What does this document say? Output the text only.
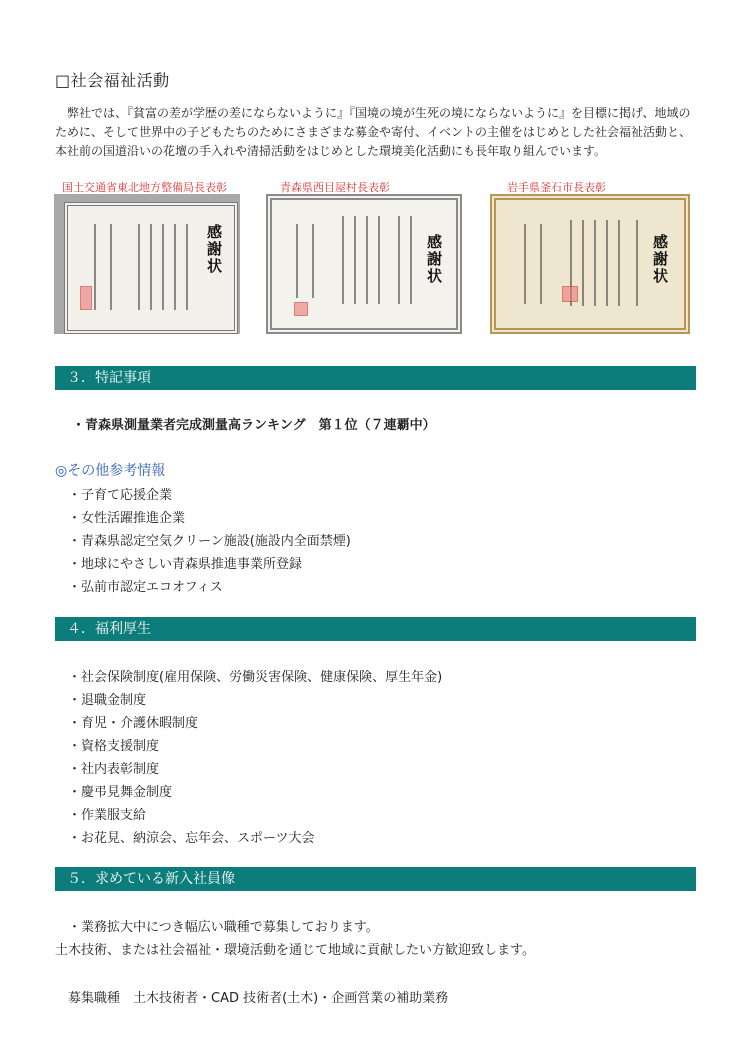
□社会福祉活動
弊社では、『貧富の差が学歴の差にならないように』『国境の境が生死の境にならないように』を目標に掲げ、地域のために、そして世界中の子どもたちのためにさまざまな募金や寄付、イベントの主催をはじめとした社会福祉活動と、本社前の国道沿いの花壇の手入れや清掃活動をはじめとした環境美化活動にも長年取り組んでいます。
国土交通省東北地方整備局長表彰	青森県西目屋村長表彰	岩手県釜石市長表彰
感謝状	感謝状	感謝状
３．特記事項
・青森県測量業者完成測量高ランキング　第１位（７連覇中）
◎その他参考情報
・子育て応援企業
・女性活躍推進企業
・青森県認定空気クリーン施設(施設内全面禁煙)
・地球にやさしい青森県推進事業所登録
・弘前市認定エコオフィス
４．福利厚生
・社会保険制度(雇用保険、労働災害保険、健康保険、厚生年金)
・退職金制度
・育児・介護休暇制度
・資格支援制度
・社内表彰制度
・慶弔見舞金制度
・作業服支給
・お花見、納涼会、忘年会、スポーツ大会
５．求めている新入社員像
・業務拡大中につき幅広い職種で募集しております。
土木技術、または社会福祉・環境活動を通じて地域に貢献したい方歓迎致します。
募集職種　土木技術者・CAD 技術者(土木)・企画営業の補助業務
